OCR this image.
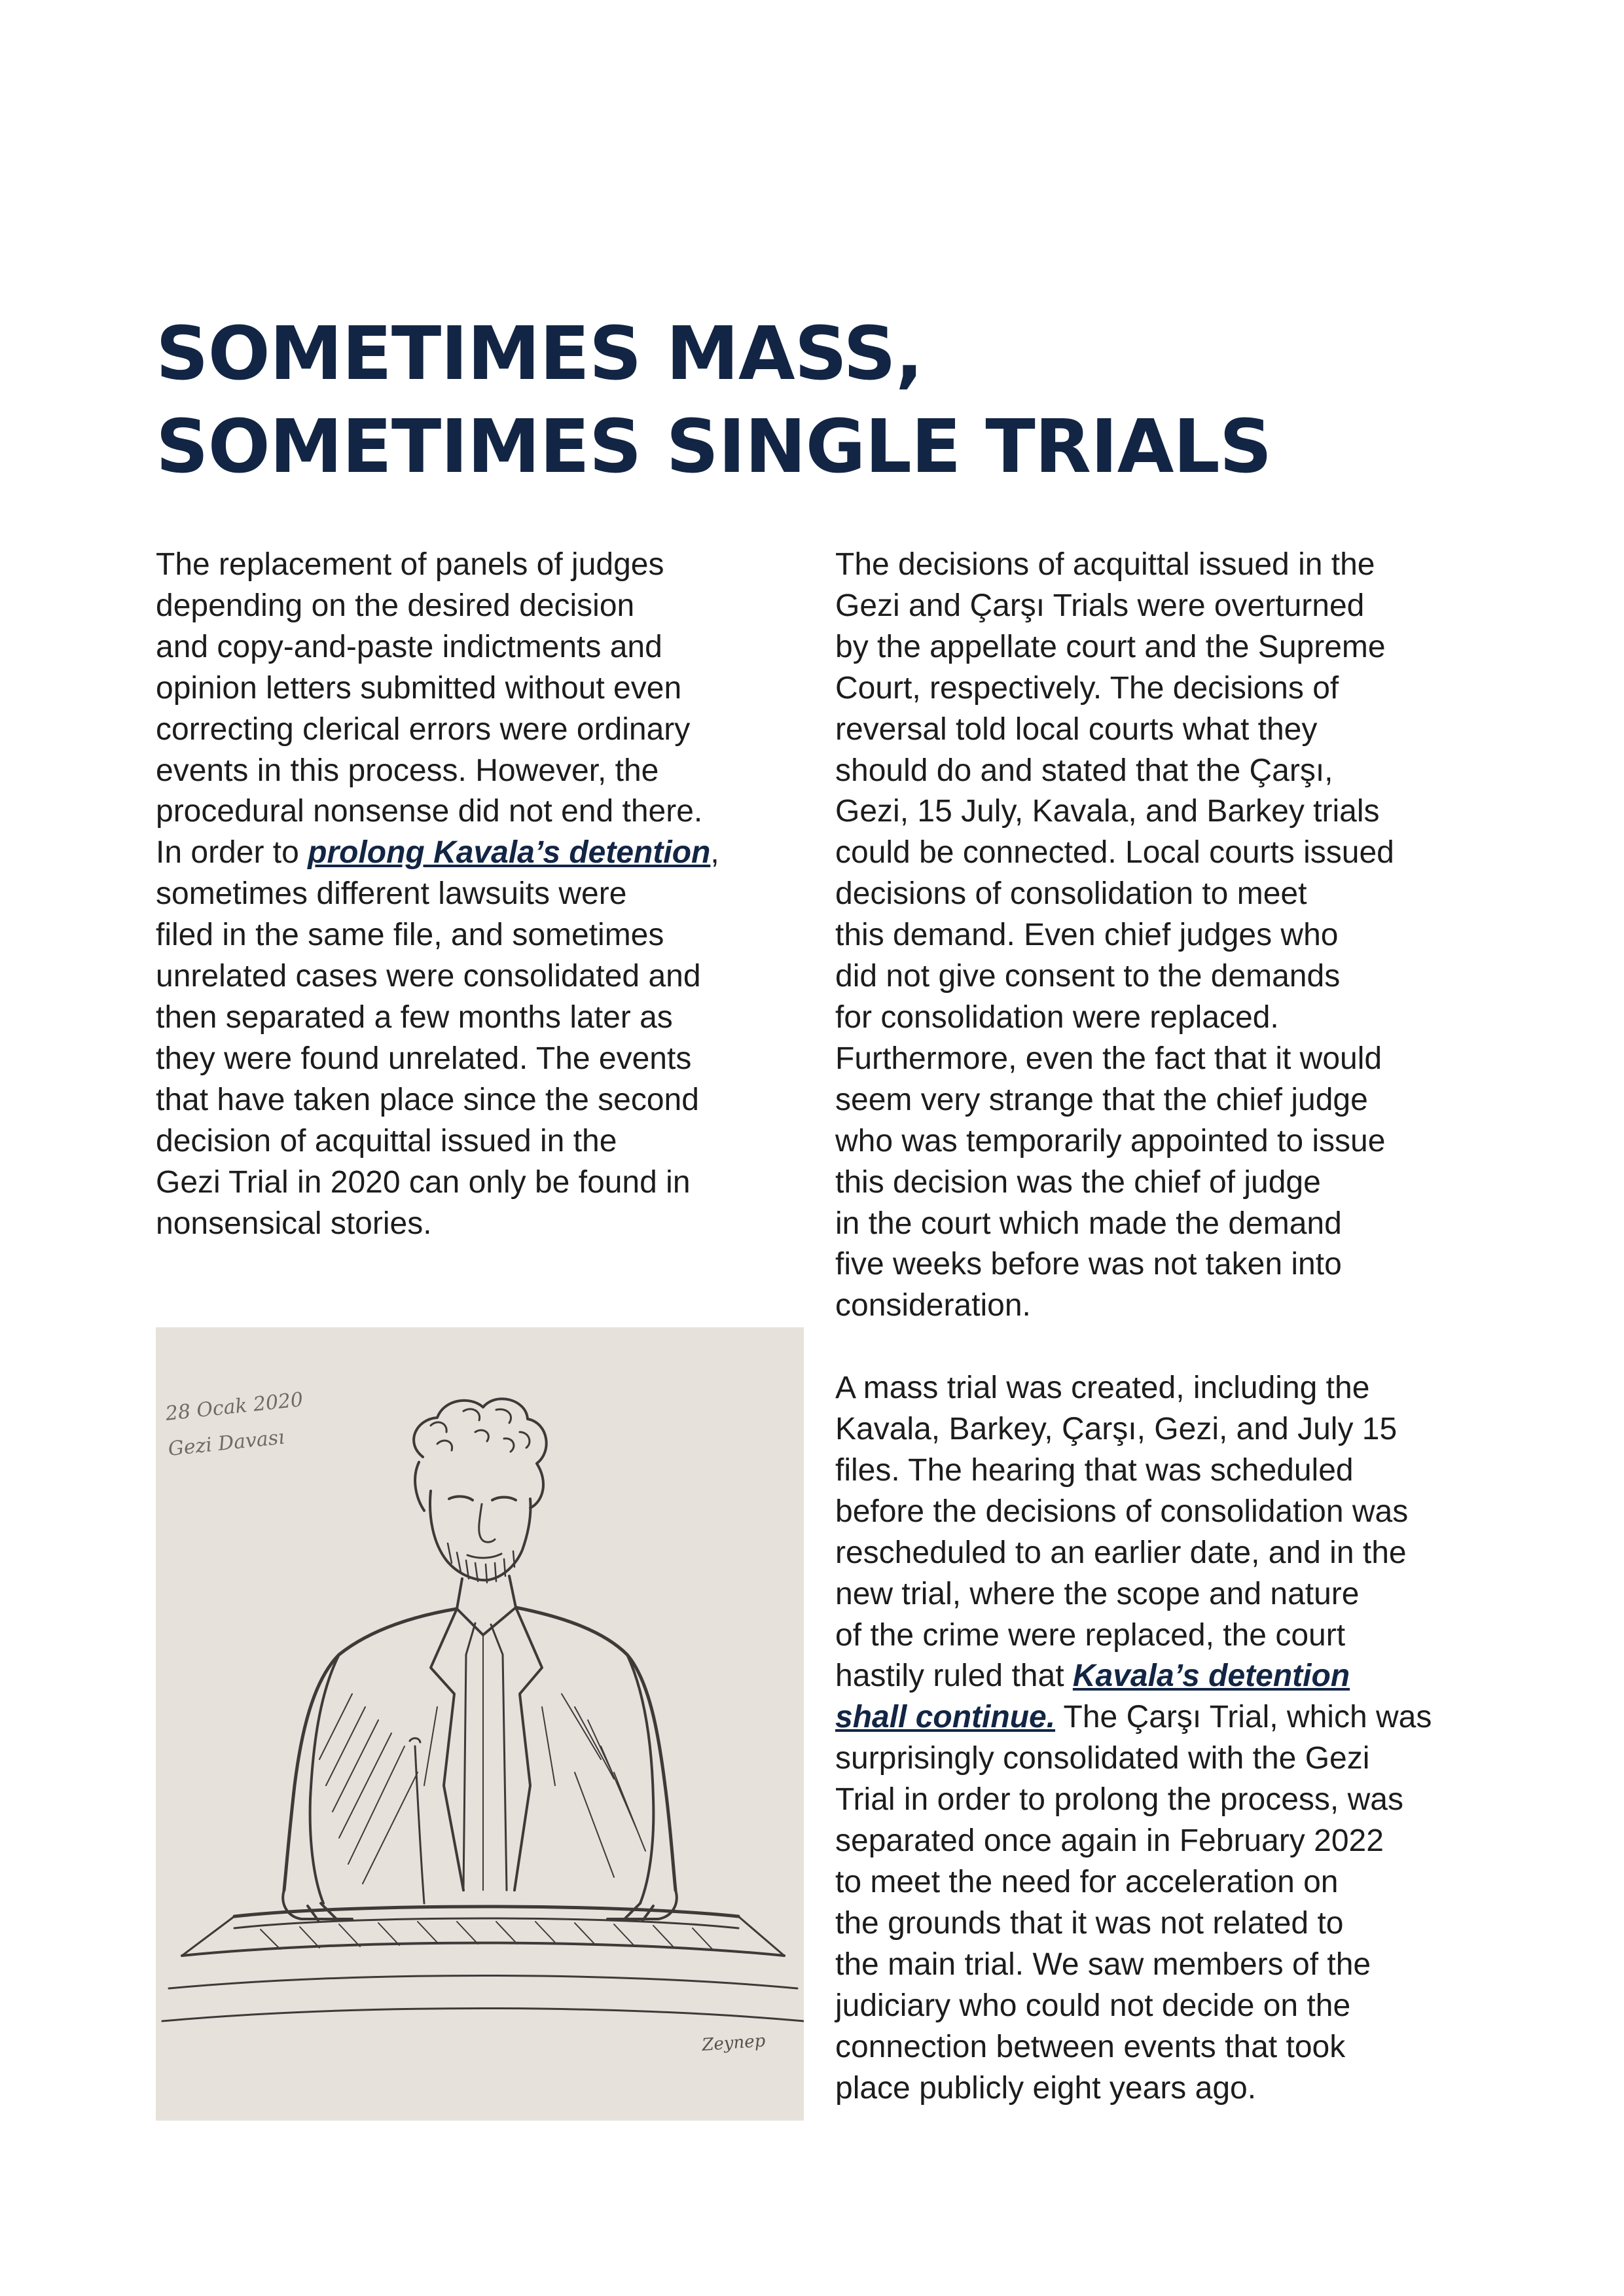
SOMETIMES MASS,
SOMETIMES SINGLE TRIALS

The replacement of panels of judges
depending on the desired decision
and copy-and-paste indictments and
opinion letters submitted without even
correcting clerical errors were ordinary
events in this process. However, the
procedural nonsense did not end there.
In order to prolong Kavala’s detention,
sometimes different lawsuits were
filed in the same file, and sometimes
unrelated cases were consolidated and
then separated a few months later as
they were found unrelated. The events
that have taken place since the second
decision of acquittal issued in the
Gezi Trial in 2020 can only be found in
nonsensical stories.

The decisions of acquittal issued in the
Gezi and Çarşı Trials were overturned
by the appellate court and the Supreme
Court, respectively. The decisions of
reversal told local courts what they
should do and stated that the Çarşı,
Gezi, 15 July, Kavala, and Barkey trials
could be connected. Local courts issued
decisions of consolidation to meet
this demand. Even chief judges who
did not give consent to the demands
for consolidation were replaced.
Furthermore, even the fact that it would
seem very strange that the chief judge
who was temporarily appointed to issue
this decision was the chief of judge
in the court which made the demand
five weeks before was not taken into
consideration.

A mass trial was created, including the
Kavala, Barkey, Çarşı, Gezi, and July 15
files. The hearing that was scheduled
before the decisions of consolidation was
rescheduled to an earlier date, and in the
new trial, where the scope and nature
of the crime were replaced, the court
hastily ruled that Kavala’s detention
shall continue. The Çarşı Trial, which was
surprisingly consolidated with the Gezi
Trial in order to prolong the process, was
separated once again in February 2022
to meet the need for acceleration on
the grounds that it was not related to
the main trial. We saw members of the
judiciary who could not decide on the
connection between events that took
place publicly eight years ago.

28 Ocak 2020
Gezi Davası
Zeynep
